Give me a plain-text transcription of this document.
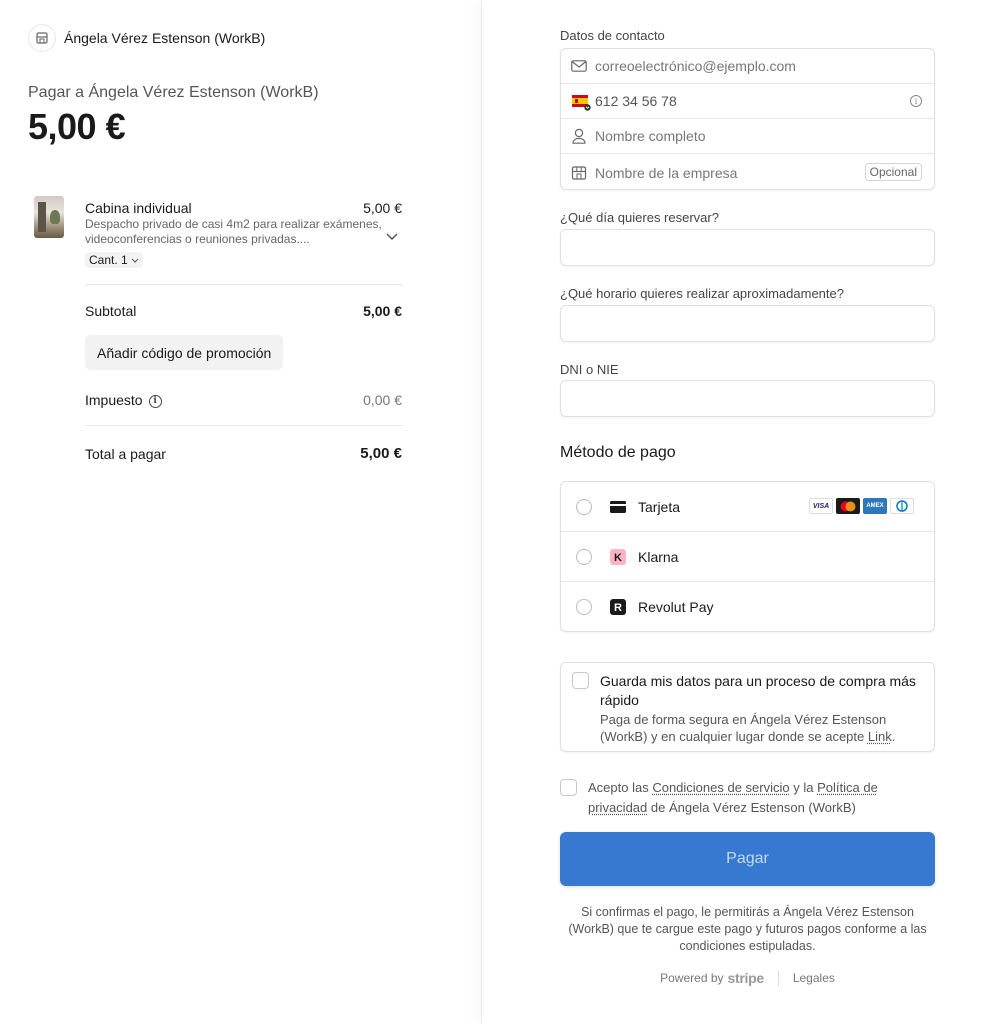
Ángela Vérez Estenson (WorkB)
Pagar a Ángela Vérez Estenson (WorkB)
5,00 €
Cabina individual	5,00 €
Despacho privado de casi 4m2 para realizar exámenes, videoconferencias o reuniones privadas....
Cant. 1
Subtotal	5,00 €
Añadir código de promoción
Impuesto i	0,00 €
Total a pagar	5,00 €
Datos de contacto
correoelectrónico@ejemplo.com
612 34 56 78	i
Nombre completo
Nombre de la empresa	Opcional
¿Qué día quieres reservar?
¿Qué horario quieres realizar aproximadamente?
DNI o NIE
Método de pago
Tarjeta	VISA	AMEX
K Klarna
R Revolut Pay
Guarda mis datos para un proceso de compra más rápido
Paga de forma segura en Ángela Vérez Estenson (WorkB) y en cualquier lugar donde se acepte Link.
Acepto las Condiciones de servicio y la Política de privacidad de Ángela Vérez Estenson (WorkB)
Pagar
Si confirmas el pago, le permitirás a Ángela Vérez Estenson (WorkB) que te cargue este pago y futuros pagos conforme a las condiciones estipuladas.
Powered by stripe Legales
